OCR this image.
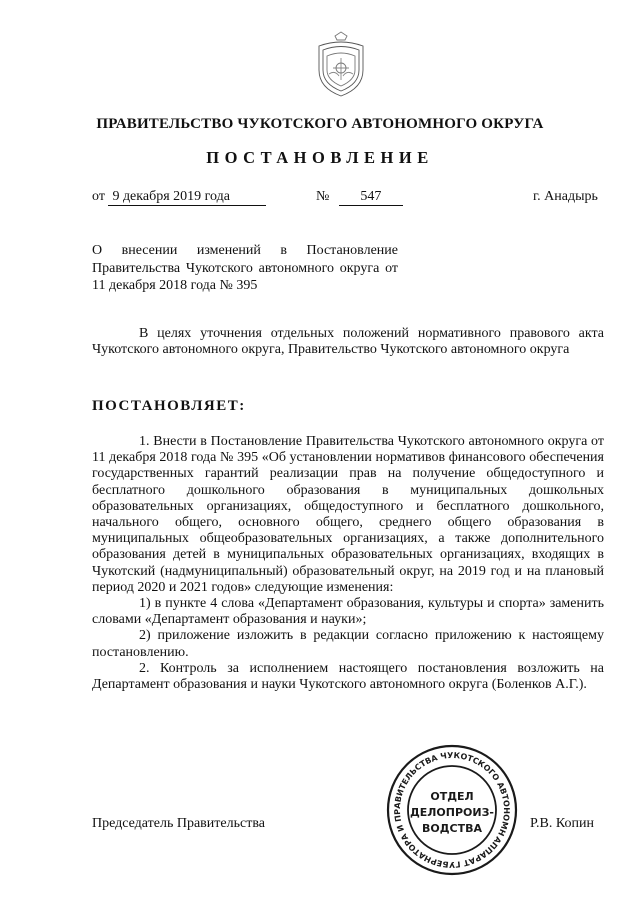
ПРАВИТЕЛЬСТВО ЧУКОТСКОГО АВТОНОМНОГО ОКРУГА
ПОСТАНОВЛЕНИЕ
от 9 декабря 2019 года	№ 547	г. Анадырь
О внесении изменений в Постановление Правительства Чукотского автономного округа от 11 декабря 2018 года № 395

В целях уточнения отдельных положений нормативного правового акта Чукотского автономного округа, Правительство Чукотского автономного округа

ПОСТАНОВЛЯЕТ:

1. Внести в Постановление Правительства Чукотского автономного округа от 11 декабря 2018 года № 395 «Об установлении нормативов финансового обеспечения государственных гарантий реализации прав на получение общедоступного и бесплатного дошкольного образования в муниципальных дошкольных образовательных организациях, общедоступного и бесплатного дошкольного, начального общего, основного общего, среднего общего образования в муниципальных общеобразовательных организациях, а также дополнительного образования детей в муниципальных образовательных организациях, входящих в Чукотский (надмуниципальный) образовательный округ, на 2019 год и на плановый период 2020 и 2021 годов» следующие изменения:

1) в пункте 4 слова «Департамент образования, культуры и спорта» заменить словами «Департамент образования и науки»;

2) приложение изложить в редакции согласно приложению к настоящему постановлению.

2. Контроль за исполнением настоящего постановления возложить на Департамент образования и науки Чукотского автономного округа (Боленков А.Г.).

Председатель Правительства	Р.В. Копин
АППАРАТ ГУБЕРНАТОРА И ПРАВИТЕЛЬСТВА ЧУКОТСКОГО АВТОНОМНОГО
ОТДЕЛ
ДЕЛОПРОИЗ-
ВОДСТВА
